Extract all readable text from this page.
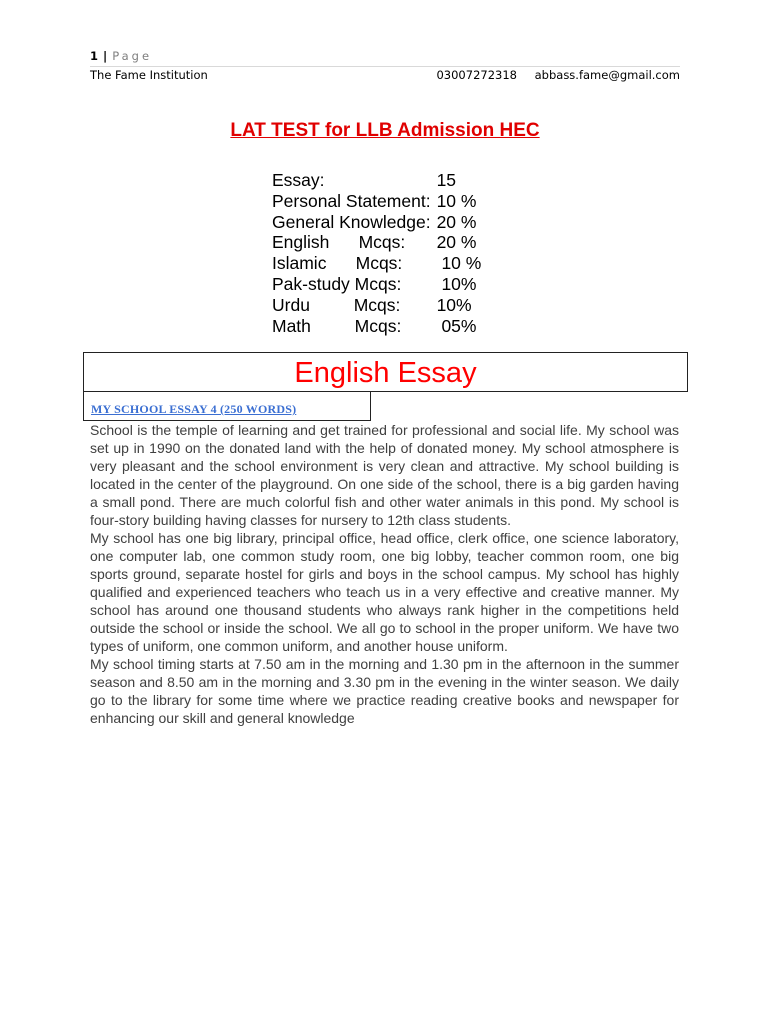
1 | Page
The Fame Institution	03007272318 abbass.fame@gmail.com
LAT TEST for LLB Admission HEC
Essay:	15
Personal Statement:	10 %
General Knowledge:	20 %
English      Mcqs:	20 %
Islamic      Mcqs:	10 %
Pak-study Mcqs:	10%
Urdu         Mcqs:	10%
Math         Mcqs:	05%
English Essay
MY SCHOOL ESSAY 4 (250 WORDS)

School is the temple of learning and get trained for professional and social life. My school was set up in 1990 on the donated land with the help of donated money. My school atmosphere is very pleasant and the school environment is very clean and attractive. My school building is located in the center of the playground. On one side of the school, there is a big garden having a small pond. There are much colorful fish and other water animals in this pond. My school is four-story building having classes for nursery to 12th class students.

My school has one big library, principal office, head office, clerk office, one science laboratory, one computer lab, one common study room, one big lobby, teacher common room, one big sports ground, separate hostel for girls and boys in the school campus. My school has highly qualified and experienced teachers who teach us in a very effective and creative manner. My school has around one thousand students who always rank higher in the competitions held outside the school or inside the school. We all go to school in the proper uniform. We have two types of uniform, one common uniform, and another house uniform.

My school timing starts at 7.50 am in the morning and 1.30 pm in the afternoon in the summer season and 8.50 am in the morning and 3.30 pm in the evening in the winter season. We daily go to the library for some time where we practice reading creative books and newspaper for enhancing our skill and general knowledge
